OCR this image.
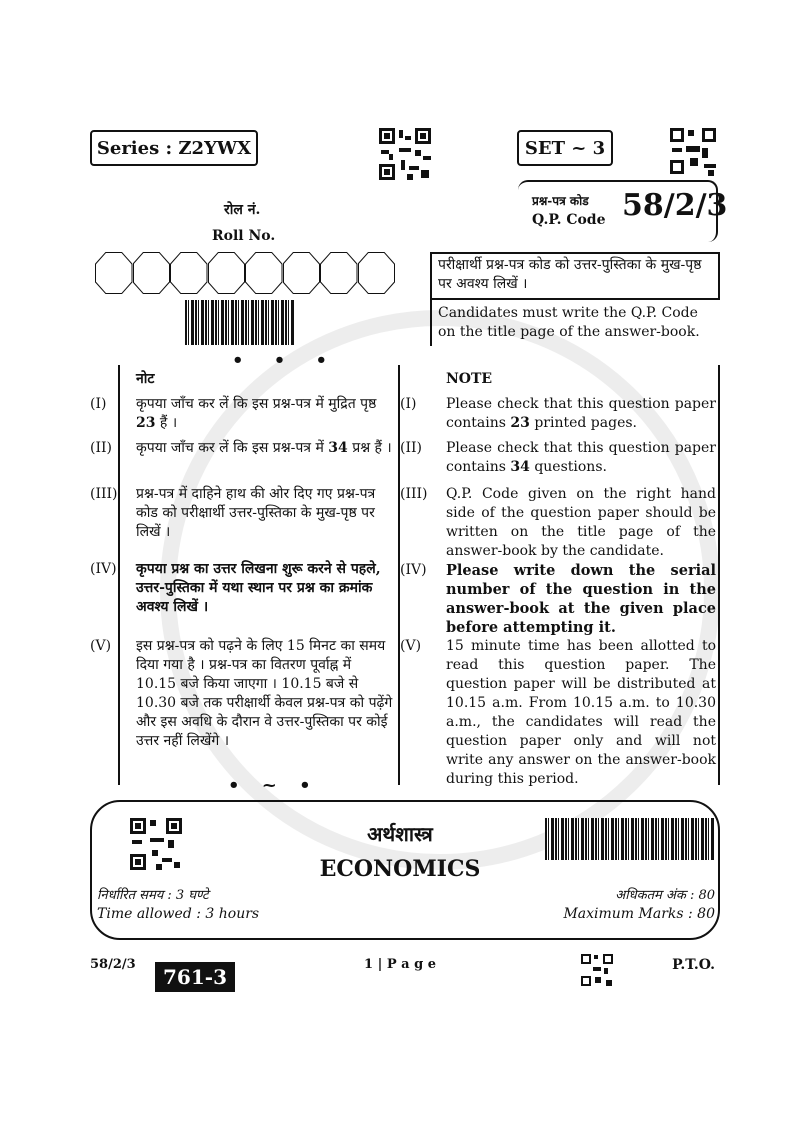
Series : Z2YWX	SET ~ 3
प्रश्न-पत्र कोड
Q.P. Code 58/2/3
रोल नं.
Roll No.
• • •
परीक्षार्थी प्रश्न-पत्र कोड को उत्तर-पुस्तिका के मुख-पृष्ठ पर अवश्य लिखें ।
Candidates must write the Q.P. Code on the title page of the answer-book.
नोट
(I)	कृपया जाँच कर लें कि इस प्रश्न-पत्र में मुद्रित पृष्ठ 23 हैं ।
(II)	कृपया जाँच कर लें कि इस प्रश्न-पत्र में 34 प्रश्न हैं ।
(III) प्रश्न-पत्र में दाहिने हाथ की ओर दिए गए प्रश्न-पत्र कोड को परीक्षार्थी उत्तर-पुस्तिका के मुख-पृष्ठ पर लिखें ।
(IV) कृपया प्रश्न का उत्तर लिखना शुरू करने से पहले, उत्तर-पुस्तिका में यथा स्थान पर प्रश्न का क्रमांक अवश्य लिखें ।
(V)	इस प्रश्न-पत्र को पढ़ने के लिए 15 मिनट का समय दिया गया है । प्रश्न-पत्र का वितरण पूर्वाह्न में 10.15 बजे किया जाएगा । 10.15 बजे से 10.30 बजे तक परीक्षार्थी केवल प्रश्न-पत्र को पढ़ेंगे और इस अवधि के दौरान वे उत्तर-पुस्तिका पर कोई उत्तर नहीं लिखेंगे ।
• ~ •
NOTE
(I)	Please check that this question paper contains 23 printed pages.
(II)	Please check that this question paper contains 34 questions.
(III) Q.P. Code given on the right hand side of the question paper should be written on the title page of the answer-book by the candidate.
(IV) Please write down the serial number of the question in the answer-book at the given place before attempting it.
(V)	15 minute time has been allotted to read this question paper. The question paper will be distributed at 10.15 a.m. From 10.15 a.m. to 10.30 a.m., the candidates will read the question paper only and will not write any answer on the answer-book during this period.
अर्थशास्त्र
ECONOMICS
निर्धारित समय : 3 घण्टे
Time allowed : 3 hours
अधिकतम अंक : 80
Maximum Marks : 80
58/2/3
761-3
1 | P a g e	P.T.O.
